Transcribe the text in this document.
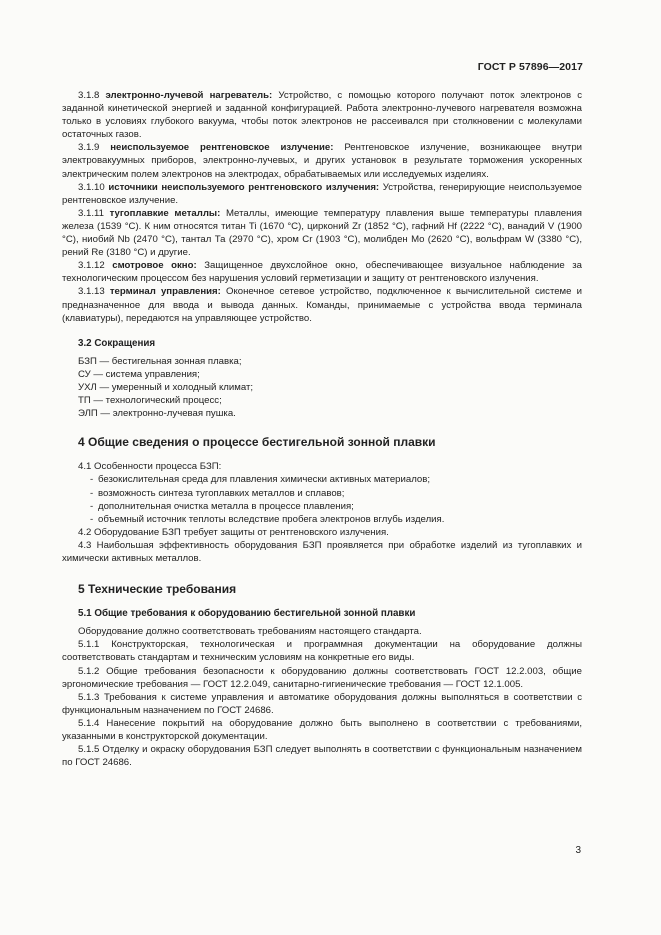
ГОСТ Р 57896—2017

3.1.8 электронно-лучевой нагреватель: Устройство, с помощью которого получают поток электронов с заданной кинетической энергией и заданной конфигурацией. Работа электронно-лучевого нагревателя возможна только в условиях глубокого вакуума, чтобы поток электронов не рассеивался при столкновении с молекулами остаточных газов.

3.1.9 неиспользуемое рентгеновское излучение: Рентгеновское излучение, возникающее внутри электровакуумных приборов, электронно-лучевых, и других установок в результате торможения ускоренных электрическим полем электронов на электродах, обрабатываемых или исследуемых изделиях.

3.1.10 источники неиспользуемого рентгеновского излучения: Устройства, генерирующие неиспользуемое рентгеновское излучение.

3.1.11 тугоплавкие металлы: Металлы, имеющие температуру плавления выше температуры плавления железа (1539 °С). К ним относятся титан Ti (1670 °С), цирконий Zr (1852 °С), гафний Hf (2222 °С), ванадий V (1900 °С), ниобий Nb (2470 °С), тантал Та (2970 °С), хром Cr (1903 °С), молибден Mo (2620 °С), вольфрам W (3380 °С), рений Re (3180 °С) и другие.

3.1.12 смотровое окно: Защищенное двухслойное окно, обеспечивающее визуальное наблюдение за технологическим процессом без нарушения условий герметизации и защиту от рентгеновского излучения.

3.1.13 терминал управления: Оконечное сетевое устройство, подключенное к вычислительной системе и предназначенное для ввода и вывода данных. Команды, принимаемые с устройства ввода терминала (клавиатуры), передаются на управляющее устройство.

3.2 Сокращения

БЗП — бестигельная зонная плавка;

СУ — система управления;

УХЛ — умеренный и холодный климат;

ТП — технологический процесс;

ЭЛП — электронно-лучевая пушка.

4 Общие сведения о процессе бестигельной зонной плавки

4.1 Особенности процесса БЗП:

- безокислительная среда для плавления химически активных материалов;

- возможность синтеза тугоплавких металлов и сплавов;

- дополнительная очистка металла в процессе плавления;

- объемный источник теплоты вследствие пробега электронов вглубь изделия.

4.2 Оборудование БЗП требует защиты от рентгеновского излучения.

4.3 Наибольшая эффективность оборудования БЗП проявляется при обработке изделий из тугоплавких и химически активных металлов.

5 Технические требования
5.1 Общие требования к оборудованию бестигельной зонной плавки

Оборудование должно соответствовать требованиям настоящего стандарта.

5.1.1 Конструкторская, технологическая и программная документации на оборудование должны соответствовать стандартам и техническим условиям на конкретные его виды.

5.1.2 Общие требования безопасности к оборудованию должны соответствовать ГОСТ 12.2.003, общие эргономические требования — ГОСТ 12.2.049, санитарно-гигиенические требования — ГОСТ 12.1.005.

5.1.3 Требования к системе управления и автоматике оборудования должны выполняться в соответствии с функциональным назначением по ГОСТ 24686.

5.1.4 Нанесение покрытий на оборудование должно быть выполнено в соответствии с требованиями, указанными в конструкторской документации.

5.1.5 Отделку и окраску оборудования БЗП следует выполнять в соответствии с функциональным назначением по ГОСТ 24686.

3
